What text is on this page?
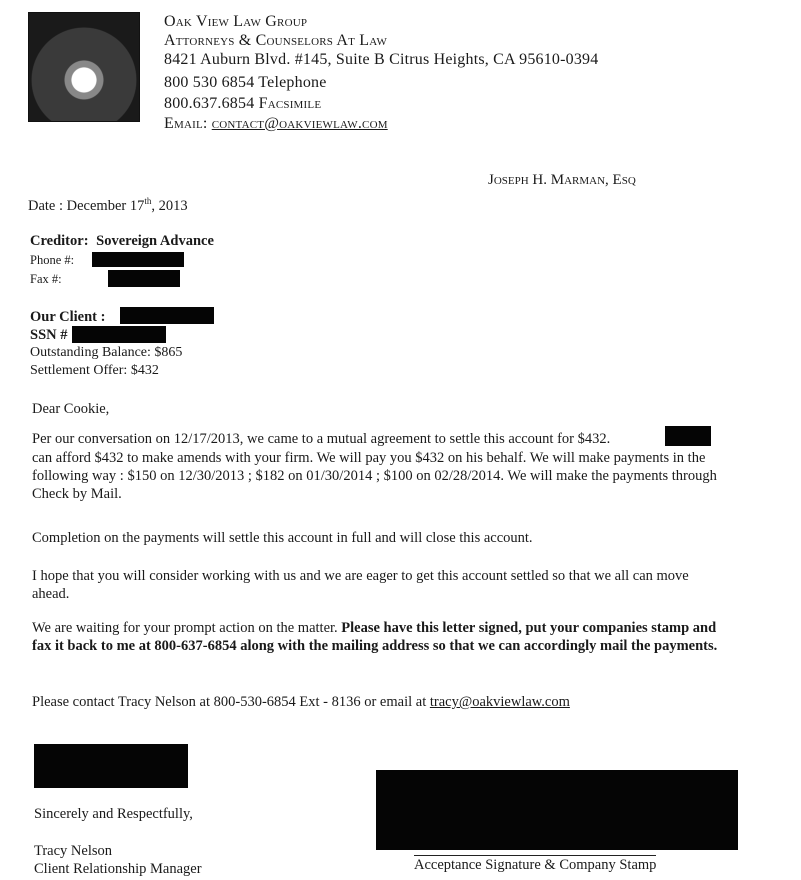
Oak View Law Group
Attorneys & Counselors At Law
8421 Auburn Blvd. #145, Suite B Citrus Heights, CA 95610-0394
800 530 6854 Telephone
800.637.6854 Facsimile
Email: contact@oakviewlaw.com
Joseph H. Marman, Esq
Date : December 17th, 2013
Creditor: Sovereign Advance
Phone #:
Fax #:
Our Client :
SSN #
Outstanding Balance: $865
Settlement Offer: $432
Dear Cookie,
Per our conversation on 12/17/2013, we came to a mutual agreement to settle this account for $432.

can afford $432 to make amends with your firm. We will pay you $432 on his behalf. We will make payments in the following way : $150 on 12/30/2013 ; $182 on 01/30/2014 ; $100 on 02/28/2014. We will make the payments through Check by Mail.

Completion on the payments will settle this account in full and will close this account.

I hope that you will consider working with us and we are eager to get this account settled so that we all can move ahead.

We are waiting for your prompt action on the matter. Please have this letter signed, put your companies stamp and fax it back to me at 800-637-6854 along with the mailing address so that we can accordingly mail the payments.

Please contact Tracy Nelson at 800-530-6854 Ext - 8136 or email at tracy@oakviewlaw.com
Sincerely and Respectfully,
Tracy Nelson
Client Relationship Manager	Acceptance Signature & Company Stamp
